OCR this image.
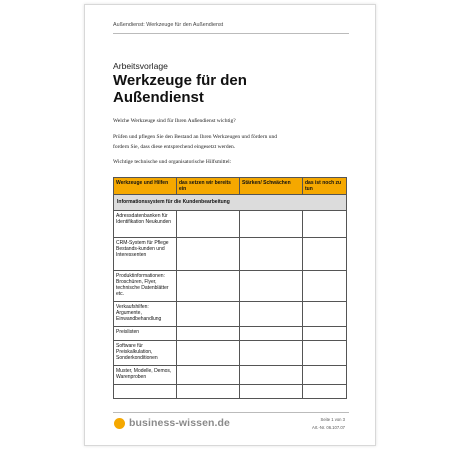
Außendienst: Werkzeuge für den Außendienst
Arbeitsvorlage
Werkzeuge für den
Außendienst
Welche Werkzeuge sind für Ihren Außendienst wichtig?
Prüfen und pflegen Sie den Bestand an Ihren Werkzeugen und fördern und
fordern Sie, dass diese entsprechend eingesetzt werden.
Wichtige technische und organisatorische Hilfsmittel:
Werkzeuge und Hilfen	das setzen wir bereits ein	Stärken/ Schwächen	das ist noch zu tun
Informationssystem für die Kundenbearbeitung			
Adressdatenbanken für Identifikation Neukunden			
CRM-System für Pflege Bestands-kunden und Interessenten			
Produktinformationen: Broschüren, Flyer, technische Datenblätter etc.			
Verkaufshilfen: Argumente, Einwandbehandlung			
Preislisten			
Software für Preiskalkulation, Sonderkonditionen			
Muster, Modelle, Demos, Warenproben			

business-wissen.de	Seite 1 von 3
Art.-Nr. 06.107.07
